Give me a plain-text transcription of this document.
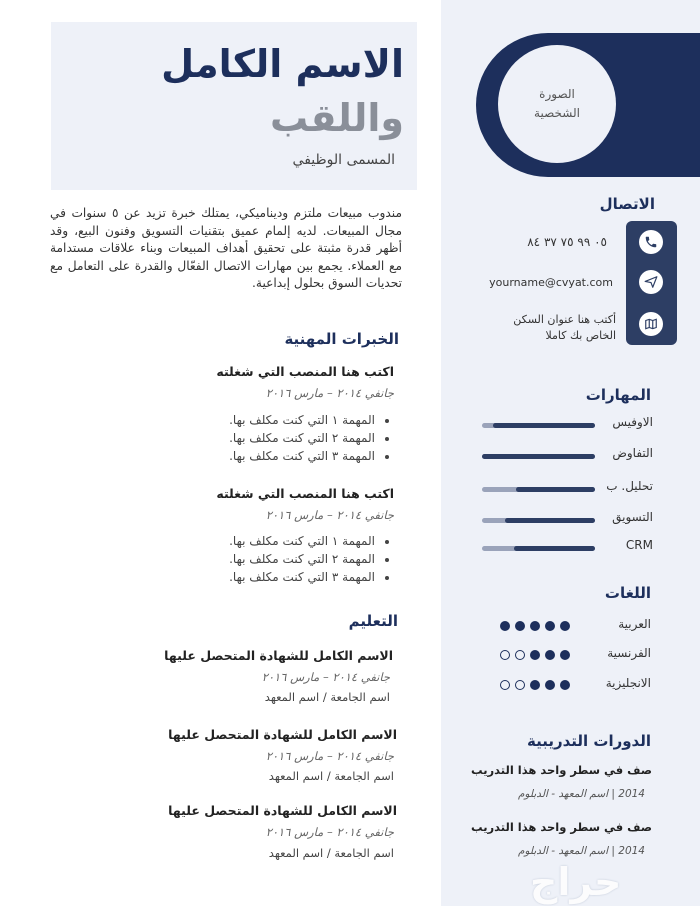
الصورة
الشخصية
الاتصال
٠٥ ٩٩ ٧٥ ٣٧ ٨٤
yourname@cvyat.com
أكتب هنا عنوان السكن
الخاص بك كاملا
المهارات
الاوفيس
التفاوض
تحليل. ب
التسويق
CRM
اللغات
العربية
الفرنسية
الانجليزية
الدورات التدريبية
صف في سطر واحد هذا التدريب
2014 | اسم المعهد - الدبلوم
صف في سطر واحد هذا التدريب
2014 | اسم المعهد - الدبلوم
حراج
الاسم الكامل
واللقب
المسمى الوظيفي
مندوب مبيعات ملتزم وديناميكي، يمتلك خبرة تزيد عن ٥ سنوات في مجال المبيعات. لديه إلمام عميق بتقنيات التسويق وفنون البيع، وقد أظهر قدرة مثبتة على تحقيق أهداف المبيعات وبناء علاقات مستدامة مع العملاء. يجمع بين مهارات الاتصال الفعّال والقدرة على التعامل مع تحديات السوق بحلول إبداعية.
الخبرات المهنية
اكتب هنا المنصب التي شغلته
جانفي ٢٠١٤ – مارس ٢٠١٦
• المهمة ١ التي كنت مكلف بها.
• المهمة ٢ التي كنت مكلف بها.
• المهمة ٣ التي كنت مكلف بها.
اكتب هنا المنصب التي شغلته
جانفي ٢٠١٤ – مارس ٢٠١٦
• المهمة ١ التي كنت مكلف بها.
• المهمة ٢ التي كنت مكلف بها.
• المهمة ٣ التي كنت مكلف بها.
التعليم
الاسم الكامل للشهادة المتحصل عليها
جانفي ٢٠١٤ – مارس ٢٠١٦
اسم الجامعة / اسم المعهد
الاسم الكامل للشهادة المتحصل عليها
جانفي ٢٠١٤ – مارس ٢٠١٦
اسم الجامعة / اسم المعهد
الاسم الكامل للشهادة المتحصل عليها
جانفي ٢٠١٤ – مارس ٢٠١٦
اسم الجامعة / اسم المعهد
